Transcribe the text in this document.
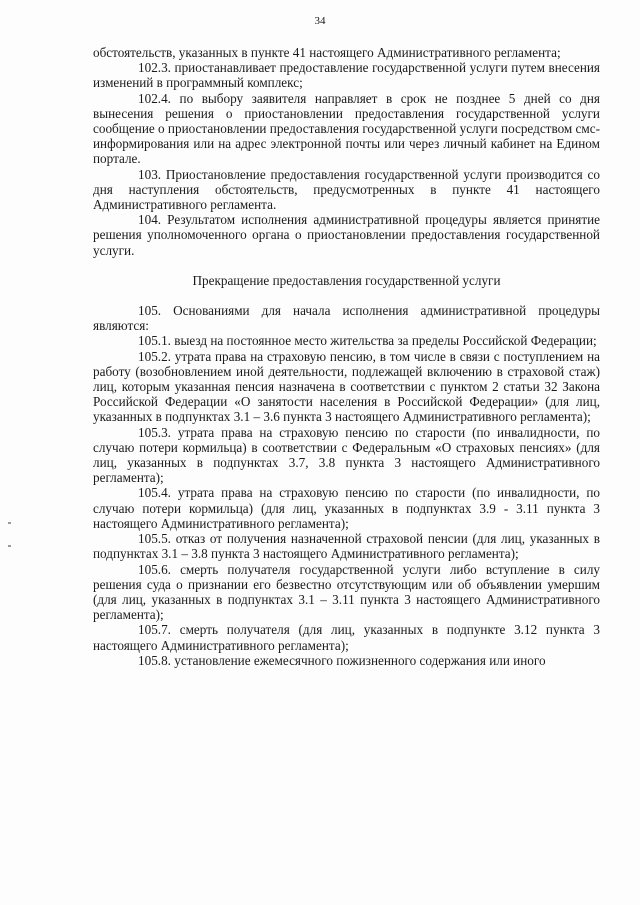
34

обстоятельств, указанных в пункте 41 настоящего Административного регламента;

102.3. приостанавливает предоставление государственной услуги путем внесения изменений в программный комплекс;

102.4. по выбору заявителя направляет в срок не позднее 5 дней со дня вынесения решения о приостановлении предоставления государственной услуги сообщение о приостановлении предоставления государственной услуги посредством смс-информирования или на адрес электронной почты или через личный кабинет на Едином портале.

103. Приостановление предоставления государственной услуги производится со дня наступления обстоятельств, предусмотренных в пункте 41 настоящего Административного регламента.

104. Результатом исполнения административной процедуры является принятие решения уполномоченного органа о приостановлении предоставления государственной услуги.

Прекращение предоставления государственной услуги

105. Основаниями для начала исполнения административной процедуры являются:

105.1. выезд на постоянное место жительства за пределы Российской Федерации;

105.2. утрата права на страховую пенсию, в том числе в связи с поступлением на работу (возобновлением иной деятельности, подлежащей включению в страховой стаж) лиц, которым указанная пенсия назначена в соответствии с пунктом 2 статьи 32 Закона Российской Федерации «О занятости населения в Российской Федерации» (для лиц, указанных в подпунктах 3.1 – 3.6 пункта 3 настоящего Административного регламента);

105.3. утрата права на страховую пенсию по старости (по инвалидности, по случаю потери кормильца) в соответствии с Федеральным «О страховых пенсиях» (для лиц, указанных в подпунктах 3.7, 3.8 пункта 3 настоящего Административного регламента);

105.4. утрата права на страховую пенсию по старости (по инвалидности, по случаю потери кормильца) (для лиц, указанных в подпунктах 3.9 - 3.11 пункта 3 настоящего Административного регламента);

105.5. отказ от получения назначенной страховой пенсии (для лиц, указанных в подпунктах 3.1 – 3.8 пункта 3 настоящего Административного регламента);

105.6. смерть получателя государственной услуги либо вступление в силу решения суда о признании его безвестно отсутствующим или об объявлении умершим (для лиц, указанных в подпунктах 3.1 – 3.11 пункта 3 настоящего Административного регламента);

105.7. смерть получателя (для лиц, указанных в подпункте 3.12 пункта 3 настоящего Административного регламента);

105.8. установление ежемесячного пожизненного содержания или иного
